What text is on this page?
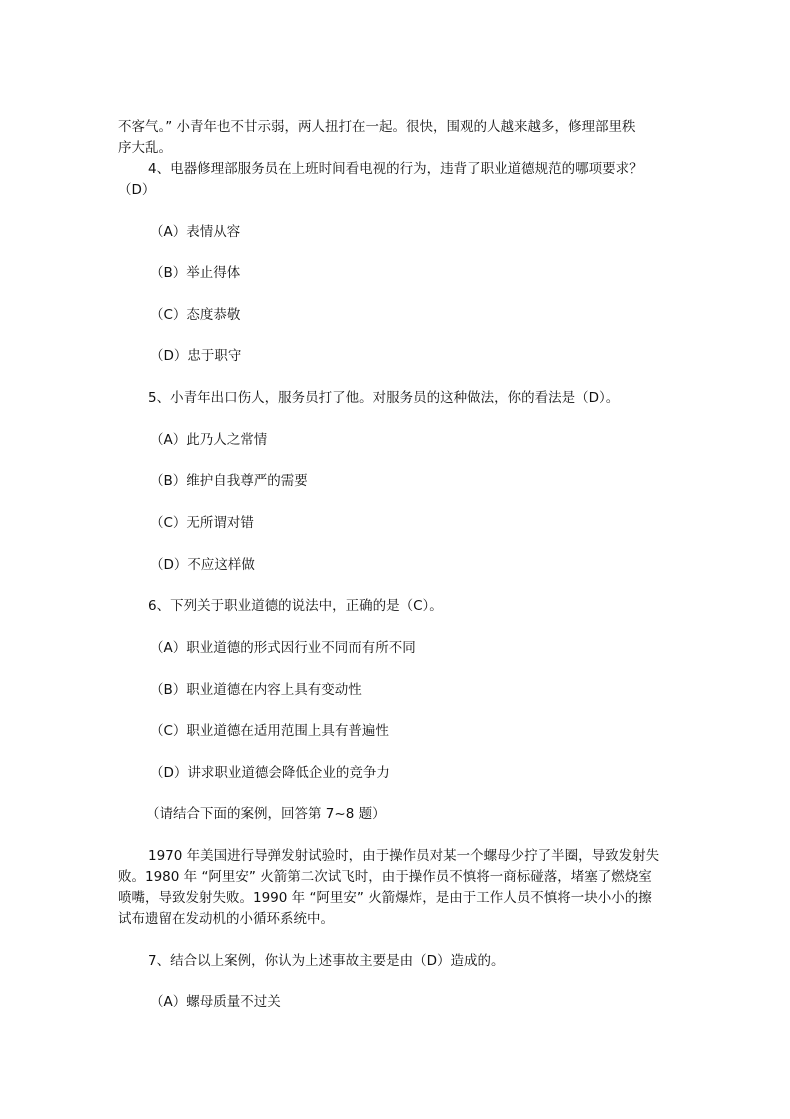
不客气。” 小青年也不甘示弱，两人扭打在一起。很快，围观的人越来越多，修理部里秩
序大乱。
4、电器修理部服务员在上班时间看电视的行为，违背了职业道德规范的哪项要求？
（D）
（A）表情从容
（B）举止得体
（C）态度恭敬
（D）忠于职守
5、小青年出口伤人，服务员打了他。对服务员的这种做法，你的看法是（D）。
（A）此乃人之常情
（B）维护自我尊严的需要
（C）无所谓对错
（D）不应这样做
6、下列关于职业道德的说法中，正确的是（C）。
（A）职业道德的形式因行业不同而有所不同
（B）职业道德在内容上具有变动性
（C）职业道德在适用范围上具有普遍性
（D）讲求职业道德会降低企业的竞争力
（请结合下面的案例，回答第 7~8 题）
1970 年美国进行导弹发射试验时，由于操作员对某一个螺母少拧了半圈，导致发射失
败。1980 年 “阿里安” 火箭第二次试飞时，由于操作员不慎将一商标碰落，堵塞了燃烧室
喷嘴，导致发射失败。1990 年 “阿里安” 火箭爆炸，是由于工作人员不慎将一块小小的擦
试布遗留在发动机的小循环系统中。
7、结合以上案例，你认为上述事故主要是由（D）造成的。
（A）螺母质量不过关
